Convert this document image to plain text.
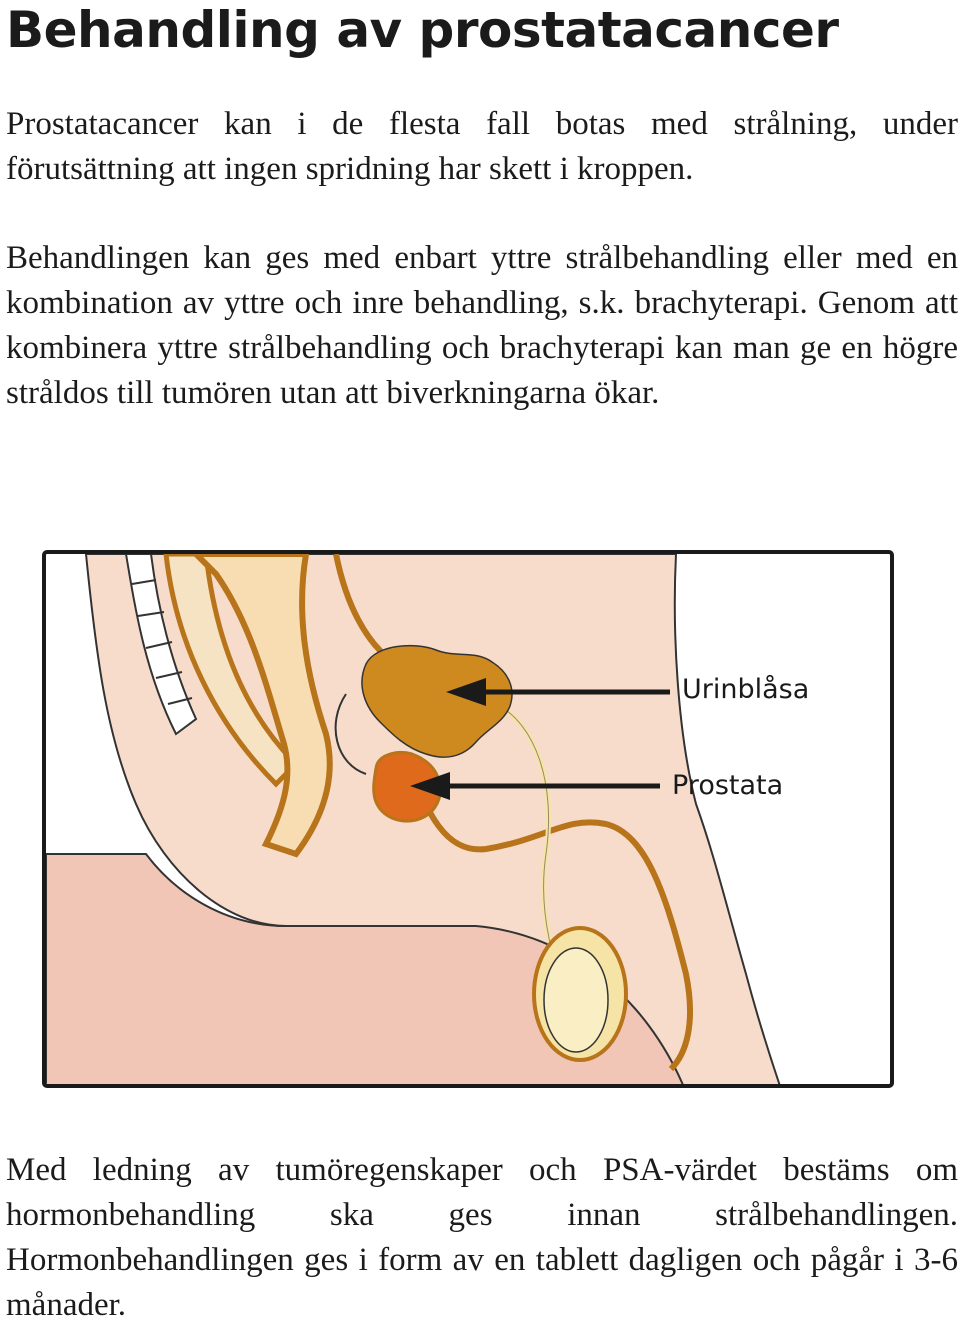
Behandling av prostatacancer

Prostatacancer kan i de flesta fall botas med strålning, under förutsättning att ingen spridning har skett i kroppen.

Behandlingen kan ges med enbart yttre strålbehandling eller med en kombination av yttre och inre behandling, s.k. brachyterapi. Genom att kombinera yttre strålbehandling och brachyterapi kan man ge en högre stråldos till tumören utan att biverkningarna ökar.

Urinblåsa
Prostata

Med ledning av tumöregenskaper och PSA-värdet bestäms om hormonbehandling ska ges innan strålbehandlingen. Hormonbehandlingen ges i form av en tablett dagligen och pågår i 3-6 månader.
